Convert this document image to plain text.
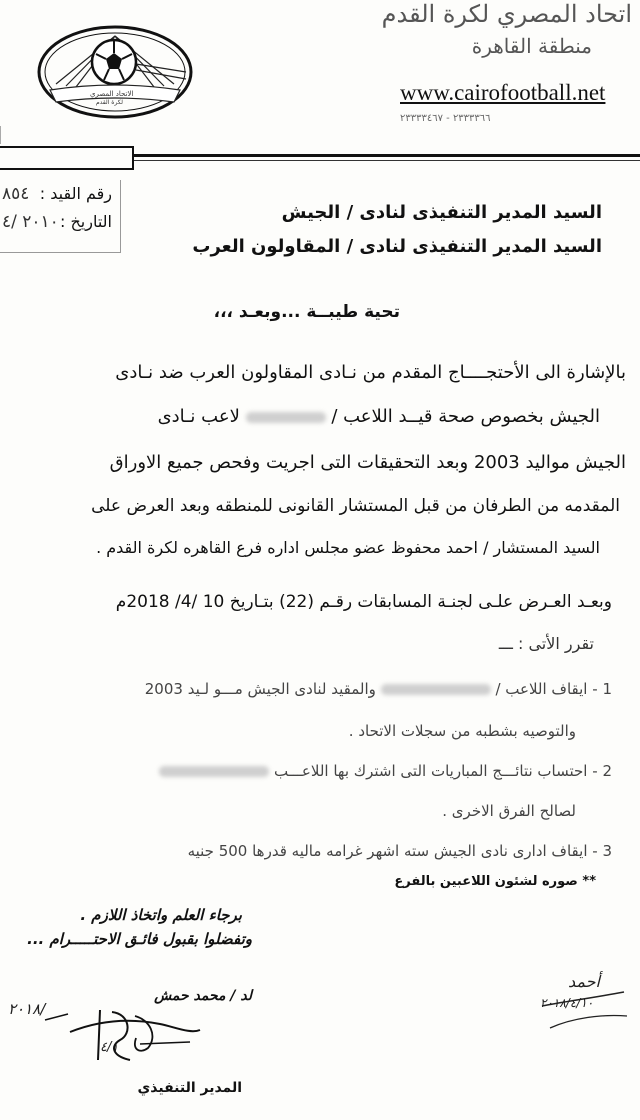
اتحاد المصري لكرة القدم
منطقة القاهرة
www.cairofootball.net
٢٣٣٣٣٦٦ - ٢٣٣٣٣٤٦٧
الاتحاد المصري
لكرة القدم
رقم القيد :
٨٥٤
التاريخ :
٢٠١٠ /٤	السيد المدير التنفيذى لنادى / الجيش
السيد المدير التنفيذى لنادى / المقاولون العرب
تحية طيبــة ...وبعـد ،،،
بالإشارة الى الأحتجــــاج المقدم من نـادى المقاولون العرب ضد نـادى
الجيش بخصوص صحة قيــد اللاعب /  لاعب نـادى
الجيش مواليد 2003 وبعد التحقيقات التى اجريت وفحص جميع الاوراق
المقدمه من الطرفان من قبل المستشار القانونى للمنطقه وبعد العرض على
السيد المستشار / احمد محفوظ عضو مجلس اداره فرع القاهره لكرة القدم .
وبعـد العـرض علـى لجنـة المسابقات رقـم (22) بتـاريخ 10 /4/ 2018م
تقرر الأتى : ـــ
1 - ايقاف اللاعب /  والمقيد لنادى الجيش مـــو لـيد 2003
والتوصيه بشطبه من سجلات الاتحاد .
2 - احتساب نتائـــج المباريات التى اشترك بها اللاعـــب
لصالح الفرق الاخرى .
3 - ايقاف ادارى نادى الجيش سته اشهر غرامه ماليه قدرها 500 جنيه
** صوره لشئون اللاعبين بالفرع
برجاء العلم واتخاذ اللازم .
وتفضلوا بقبول فائـق الاحتـــــرام ...
لد / محمد حمش
٢٠١٨/
٤/١
المدير التنفيذي
أحمد
٢٠١٨/٤/١٠
